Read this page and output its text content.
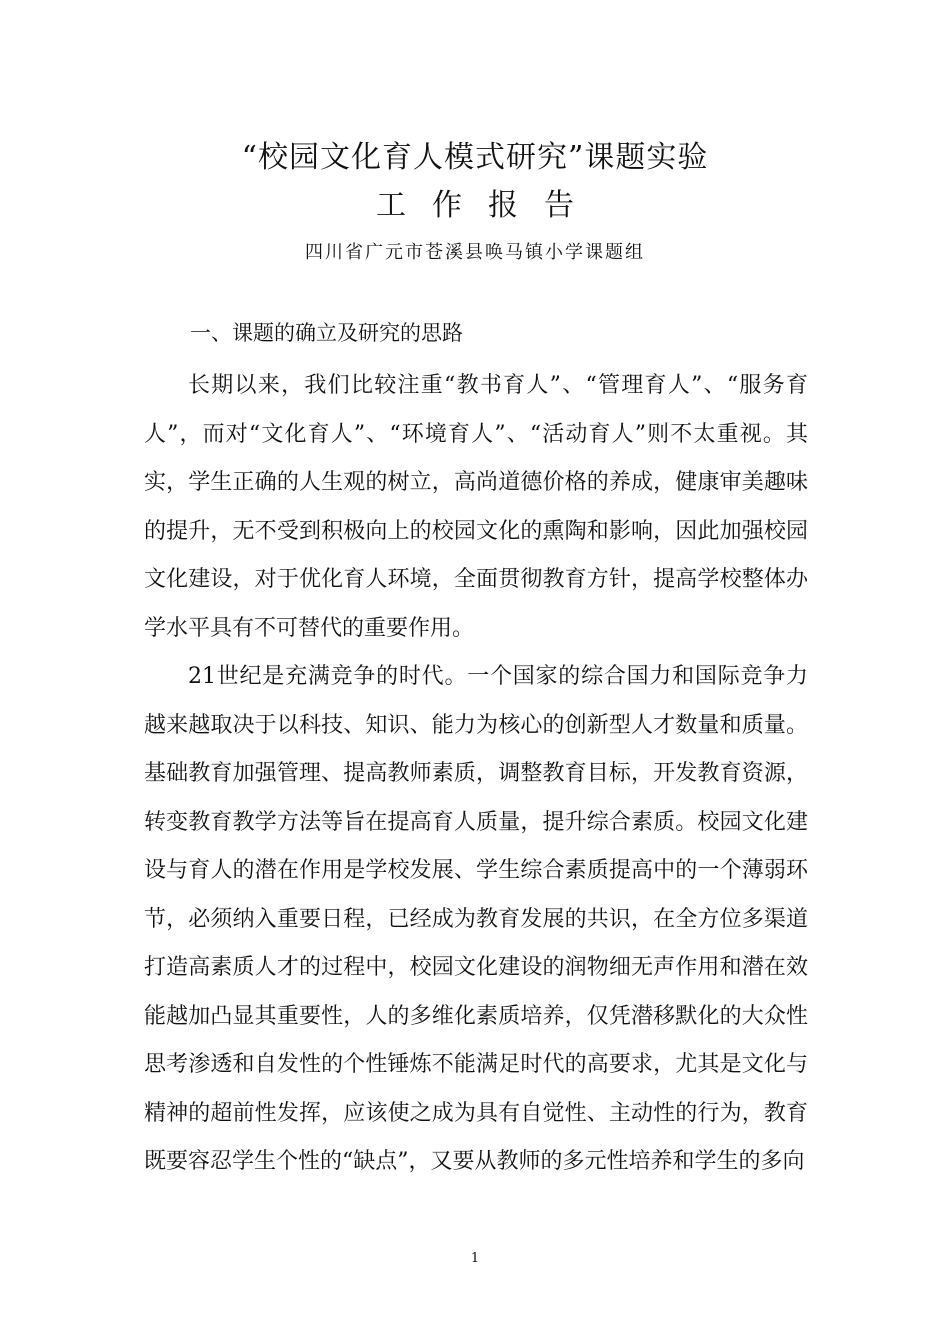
“校园文化育人模式研究”课题实验
工作报告
四川省广元市苍溪县唤马镇小学课题组
一、课题的确立及研究的思路

长期以来，我们比较注重“教书育人”、“管理育人”、“服务育人”，而对“文化育人”、“环境育人”、“活动育人”则不太重视。其实，学生正确的人生观的树立，高尚道德价格的养成，健康审美趣味的提升，无不受到积极向上的校园文化的熏陶和影响，因此加强校园文化建设，对于优化育人环境，全面贯彻教育方针，提高学校整体办学水平具有不可替代的重要作用。

21世纪是充满竞争的时代。一个国家的综合国力和国际竞争力越来越取决于以科技、知识、能力为核心的创新型人才数量和质量。基础教育加强管理、提高教师素质，调整教育目标，开发教育资源，转变教育教学方法等旨在提高育人质量，提升综合素质。校园文化建设与育人的潜在作用是学校发展、学生综合素质提高中的一个薄弱环节，必须纳入重要日程，已经成为教育发展的共识，在全方位多渠道打造高素质人才的过程中，校园文化建设的润物细无声作用和潜在效能越加凸显其重要性，人的多维化素质培养，仅凭潜移默化的大众性思考渗透和自发性的个性锤炼不能满足时代的高要求，尤其是文化与精神的超前性发挥，应该使之成为具有自觉性、主动性的行为，教育既要容忍学生个性的“缺点”，又要从教师的多元性培养和学生的多向

1
